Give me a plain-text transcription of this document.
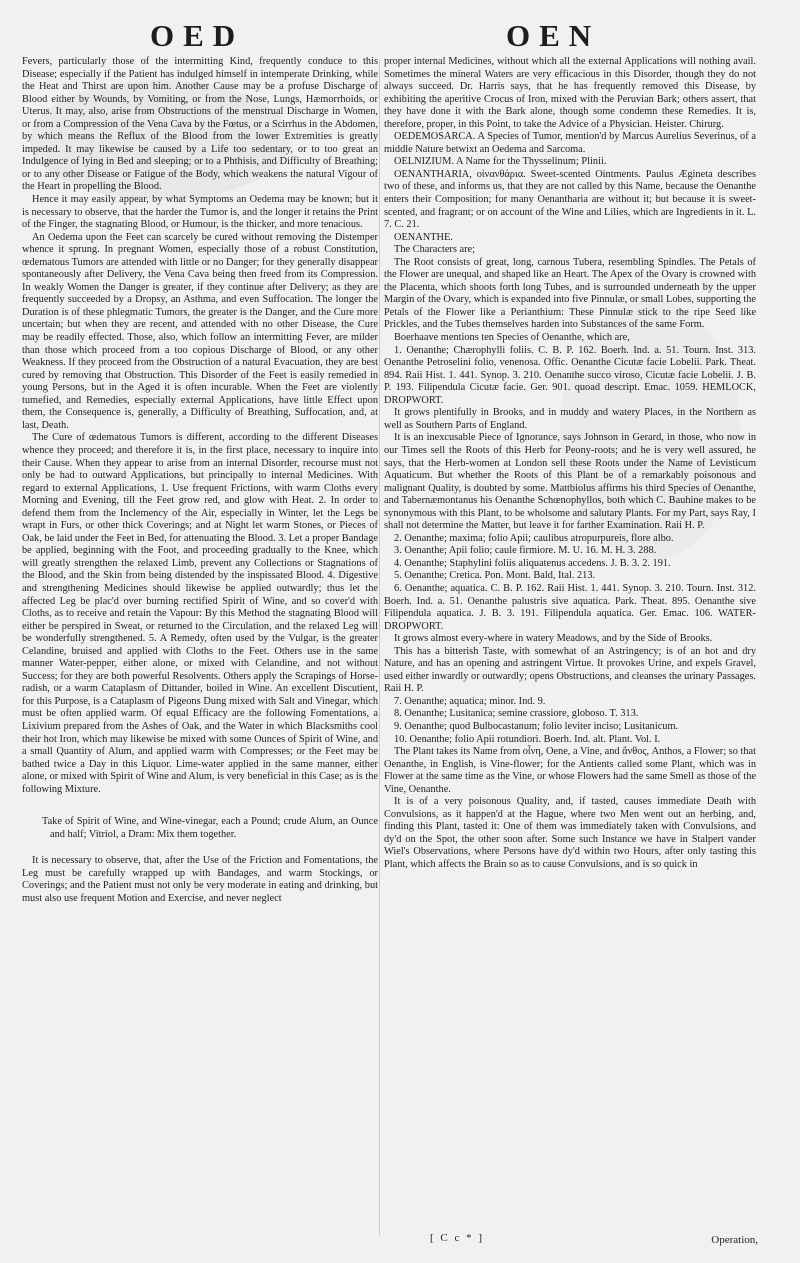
OED	OEN

Fevers, particularly those of the intermitting Kind, frequently conduce to this Disease; especially if the Patient has indulged himself in intemperate Drinking, while the Heat and Thirst are upon him. Another Cause may be a profuse Discharge of Blood either by Wounds, by Vomiting, or from the Nose, Lungs, Hæmorrhoids, or Uterus. It may, also, arise from Obstructions of the menstrual Discharge in Women, or from a Compression of the Vena Cava by the Fœtus, or a Scirrhus in the Abdomen, by which means the Reflux of the Blood from the lower Extremities is greatly impeded. It may likewise be caused by a Life too sedentary, or to too great an Indulgence of lying in Bed and sleeping; or to a Phthisis, and Difficulty of Breathing; or to any other Disease or Fatigue of the Body, which weakens the natural Vigour of the Heart in propelling the Blood.

Hence it may easily appear, by what Symptoms an Oedema may be known; but it is necessary to observe, that the harder the Tumor is, and the longer it retains the Print of the Finger, the stagnating Blood, or Humour, is the thicker, and more tenacious.

An Oedema upon the Feet can scarcely be cured without removing the Distemper whence it sprung. In pregnant Women, especially those of a robust Constitution, œdematous Tumors are attended with little or no Danger; for they generally disappear spontaneously after Delivery, the Vena Cava being then freed from its Compression. In weakly Women the Danger is greater, if they continue after Delivery; as they are frequently succeeded by a Dropsy, an Asthma, and even Suffocation. The longer the Duration is of these phlegmatic Tumors, the greater is the Danger, and the Cure more uncertain; but when they are recent, and attended with no other Disease, the Cure may be readily effected. Those, also, which follow an intermitting Fever, are milder than those which proceed from a too copious Discharge of Blood, or any other Weakness. If they proceed from the Obstruction of a natural Evacuation, they are best cured by removing that Obstruction. This Disorder of the Feet is easily remedied in young Persons, but in the Aged it is often incurable. When the Feet are violently tumefied, and Remedies, especially external Applications, have little Effect upon them, the Consequence is, generally, a Difficulty of Breathing, Suffocation, and, at last, Death.

The Cure of œdematous Tumors is different, according to the different Diseases whence they proceed; and therefore it is, in the first place, necessary to inquire into their Cause. When they appear to arise from an internal Disorder, recourse must not only be had to outward Applications, but principally to internal Medicines. With regard to external Applications, 1. Use frequent Frictions, with warm Cloths every Morning and Evening, till the Feet grow red, and glow with Heat. 2. In order to defend them from the Inclemency of the Air, especially in Winter, let the Legs be wrapt in Furs, or other thick Coverings; and at Night let warm Stones, or Pieces of Oak, be laid under the Feet in Bed, for attenuating the Blood. 3. Let a proper Bandage be applied, beginning with the Foot, and proceeding gradually to the Knee, which will greatly strengthen the relaxed Limb, prevent any Collections or Stagnations of the Blood, and the Skin from being distended by the inspissated Blood. 4. Digestive and strengthening Medicines should likewise be applied outwardly; thus let the affected Leg be plac'd over burning rectified Spirit of Wine, and so cover'd with Cloths, as to receive and retain the Vapour: By this Method the stagnating Blood will either be perspired in Sweat, or returned to the Circulation, and the relaxed Leg will be wonderfully strengthened. 5. A Remedy, often used by the Vulgar, is the greater Celandine, bruised and applied with Cloths to the Feet. Others use in the same manner Water-pepper, either alone, or mixed with Celandine, and not without Success; for they are both powerful Resolvents. Others apply the Scrapings of Horse-radish, or a warm Cataplasm of Dittander, boiled in Wine. An excellent Discutient, for this Purpose, is a Cataplasm of Pigeons Dung mixed with Salt and Vinegar, which must be often applied warm. Of equal Efficacy are the following Fomentations, a Lixivium prepared from the Ashes of Oak, and the Water in which Blacksmiths cool their hot Iron, which may likewise be mixed with some Ounces of Spirit of Wine, and a small Quantity of Alum, and applied warm with Compresses; or the Feet may be bathed twice a Day in this Liquor. Lime-water applied in the same manner, either alone, or mixed with Spirit of Wine and Alum, is very beneficial in this Case; as is the following Mixture.

Take of Spirit of Wine, and Wine-vinegar, each a Pound; crude Alum, an Ounce and half; Vitriol, a Dram: Mix them together.

It is necessary to observe, that, after the Use of the Friction and Fomentations, the Leg must be carefully wrapped up with Bandages, and warm Stockings, or Coverings; and the Patient must not only be very moderate in eating and drinking, but must also use frequent Motion and Exercise, and never neglect

proper internal Medicines, without which all the external Applications will nothing avail. Sometimes the mineral Waters are very efficacious in this Disorder, though they do not always succeed. Dr. Harris says, that he has frequently removed this Disease, by exhibiting the aperitive Crocus of Iron, mixed with the Peruvian Bark; others assert, that they have done it with the Bark alone, though some condemn these Remedies. It is, therefore, proper, in this Point, to take the Advice of a Physician. Heister. Chirurg.

OEDEMOSARCA. A Species of Tumor, mention'd by Marcus Aurelius Severinus, of a middle Nature betwixt an Oedema and Sarcoma.

OELNIZIUM. A Name for the Thysselinum; Plinii.

OENANTHARIA, οἰνανθάρια. Sweet-scented Ointments. Paulus Ægineta describes two of these, and informs us, that they are not called by this Name, because the Oenanthe enters their Composition; for many Oenantharia are without it; but because it is sweet-scented, and fragrant; or on account of the Wine and Lilies, which are Ingredients in it. L. 7. C. 21.

OENANTHE.

The Characters are;

The Root consists of great, long, carnous Tubera, resembling Spindles. The Petals of the Flower are unequal, and shaped like an Heart. The Apex of the Ovary is crowned with the Placenta, which shoots forth long Tubes, and is surrounded underneath by the upper Margin of the Ovary, which is expanded into five Pinnulæ, or small Lobes, supporting the Petals of the Flower like a Perianthium: These Pinnulæ stick to the ripe Seed like Prickles, and the Tubes themselves harden into Substances of the same Form.

Boerhaave mentions ten Species of Oenanthe, which are,

1. Oenanthe; Chærophylli foliis. C. B. P. 162. Boerh. Ind. a. 51. Tourn. Inst. 313. Oenanthe Petroselini folio, venenosa. Offic. Oenanthe Cicutæ facie Lobelii. Park. Theat. 894. Raii Hist. 1. 441. Synop. 3. 210. Oenanthe succo viroso, Cicutæ facie Lobelii. J. B. P. 193. Filipendula Cicutæ facie. Ger. 901. quoad descript. Emac. 1059. HEMLOCK, DROPWORT.

It grows plentifully in Brooks, and in muddy and watery Places, in the Northern as well as Southern Parts of England.

It is an inexcusable Piece of Ignorance, says Johnson in Gerard, in those, who now in our Times sell the Roots of this Herb for Peony-roots; and he is very well assured, he says, that the Herb-women at London sell these Roots under the Name of Levisticum Aquaticum. But whether the Roots of this Plant be of a remarkably poisonous and malignant Quality, is doubted by some. Mattbiolus affirms his third Species of Oenanthe, and Tabernæmontanus his Oenanthe Schœnophyllos, both which C. Bauhine makes to be synonymous with this Plant, to be wholsome and salutary Plants. For my Part, says Ray, I shall not determine the Matter, but leave it for farther Examination. Raii H. P.

2. Oenanthe; maxima; folio Apii; caulibus atropurpureis, flore albo.

3. Oenanthe; Apii folio; caule firmiore. M. U. 16. M. H. 3. 288.

4. Oenanthe; Staphylini foliis aliquatenus accedens. J. B. 3. 2. 191.

5. Oenanthe; Cretica. Pon. Mont. Bald, Ital. 213.

6. Oenanthe; aquatica. C. B. P. 162. Raii Hist. 1. 441. Synop. 3. 210. Tourn. Inst. 312. Boerh. Ind. a. 51. Oenanthe palustris sive aquatica. Park. Theat. 895. Oenanthe sive Filipendula aquatica. J. B. 3. 191. Filipendula aquatica. Ger. Emac. 106. WATER-DROPWORT.

It grows almost every-where in watery Meadows, and by the Side of Brooks.

This has a bitterish Taste, with somewhat of an Astringency; is of an hot and dry Nature, and has an opening and astringent Virtue. It provokes Urine, and expels Gravel, used either inwardly or outwardly; opens Obstructions, and cleanses the urinary Passages. Raii H. P.

7. Oenanthe; aquatica; minor. Ind. 9.

8. Oenanthe; Lusitanica; semine crassiore, globoso. T. 313.

9. Oenanthe; quod Bulbocastanum; folio leviter inciso; Lusitanicum.

10. Oenanthe; folio Apii rotundiori. Boerh. Ind. alt. Plant. Vol. I.

The Plant takes its Name from οἶνη, Oene, a Vine, and ἄνθος, Anthos, a Flower; so that Oenanthe, in English, is Vine-flower; for the Antients called some Plant, which was in Flower at the same time as the Vine, or whose Flowers had the same Smell as those of the Vine, Oenanthe.

It is of a very poisonous Quality, and, if tasted, causes immediate Death with Convulsions, as it happen'd at the Hague, where two Men went out an herbing, and, finding this Plant, tasted it: One of them was immediately taken with Convulsions, and dy'd on the Spot, the other soon after. Some such Instance we have in Stalpert vander Wiel's Observations, where Persons have dy'd within two Hours, after only tasting this Plant, which affects the Brain so as to cause Convulsions, and is so quick in

[ C c * ]	Operation,
